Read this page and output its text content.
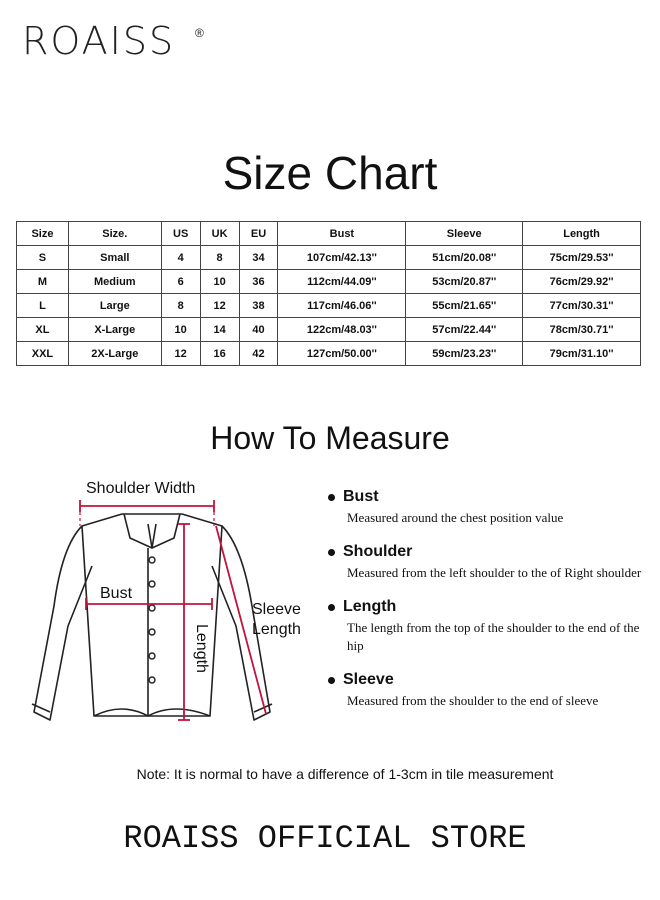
ROAISS ®
Size Chart
Size	Size.	US	UK	EU	Bust	Sleeve	Length
S	Small	4	8	34	107cm/42.13''	51cm/20.08''	75cm/29.53''
M	Medium	6	10	36	112cm/44.09''	53cm/20.87''	76cm/29.92''
L	Large	8	12	38	117cm/46.06''	55cm/21.65''	77cm/30.31''
XL	X-Large	10	14	40	122cm/48.03''	57cm/22.44''	78cm/30.71''
XXL	2X-Large	12	16	42	127cm/50.00''	59cm/23.23''	79cm/31.10''
How To Measure
Shoulder Width
Bust
Length
Sleeve
Length
Bust
Measured around the chest position value
Shoulder
Measured from the left shoulder to the of Right shoulder
Length
The length from the top of the shoulder to the end of the hip
Sleeve
Measured from the shoulder to the end of sleeve
Note: It is normal to have a difference of 1-3cm in tile measurement
ROAISS OFFICIAL STORE
